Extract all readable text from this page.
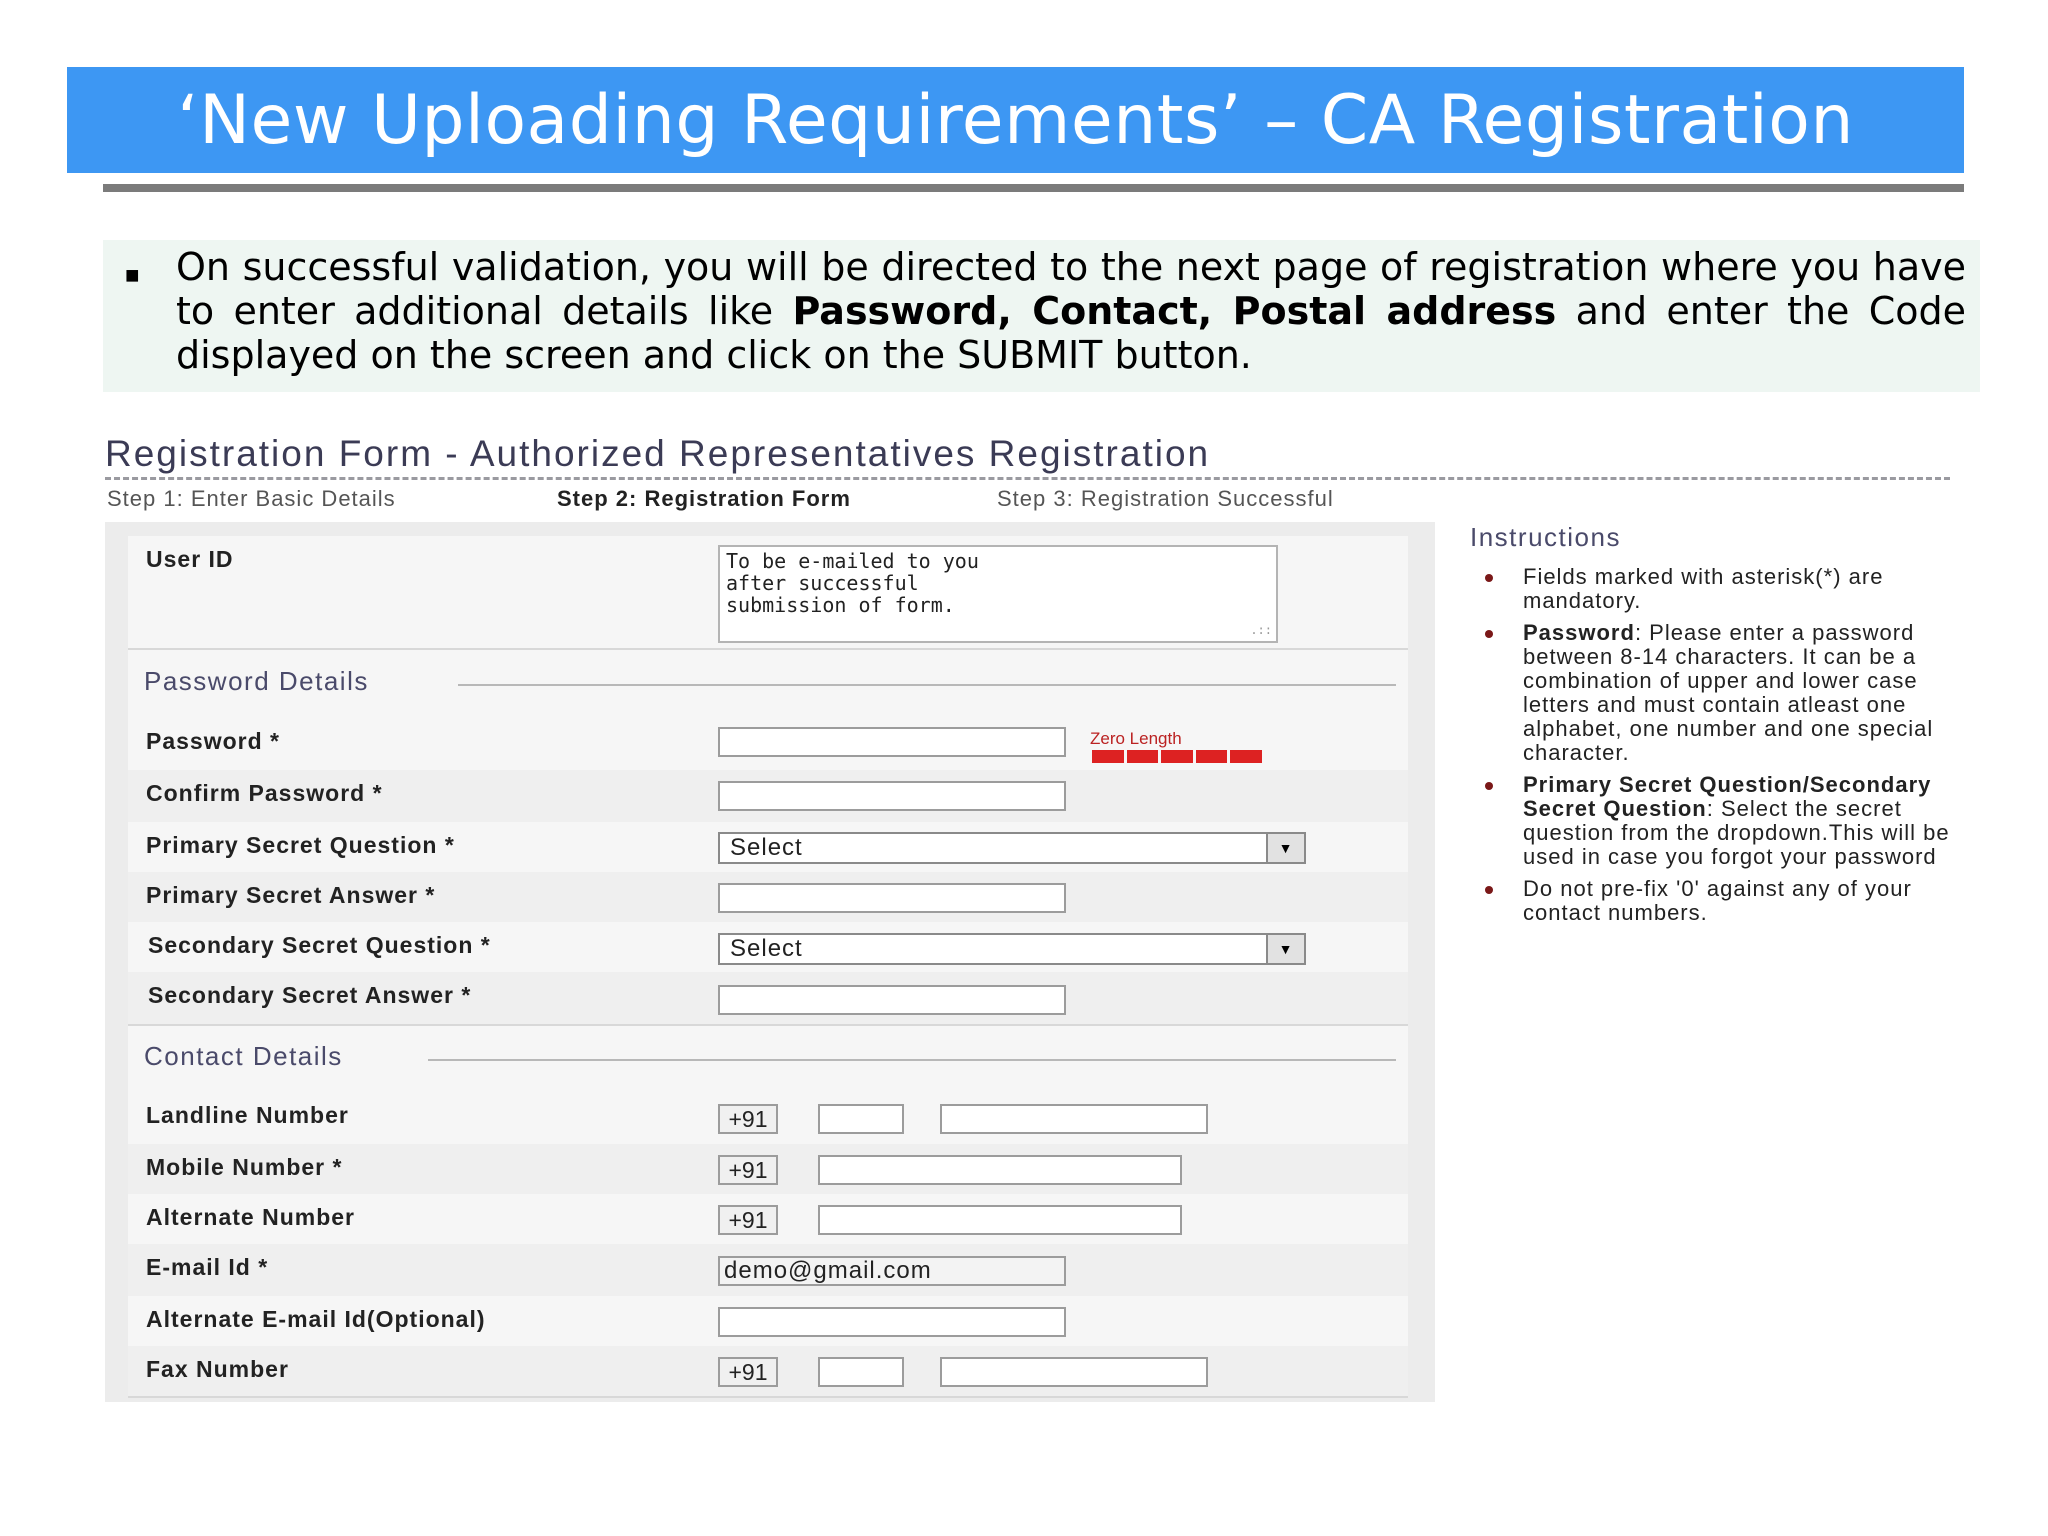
‘New Uploading Requirements’ – CA Registration
■ On successful validation, you will be directed to the next page of registration where you have to enter additional details like Password, Contact, Postal address and enter the Code displayed on the screen and click on the SUBMIT button.
Registration Form - Authorized Representatives Registration
Step 1: Enter Basic Details	Step 2: Registration Form	Step 3: Registration Successful
User ID	To be e-mailed to you
after successful
submission of form.
.::
Password Details
Password *	Zero Length
Confirm Password *
Primary Secret Question *	Select	▼
Primary Secret Answer *
Secondary Secret Question *	Select	▼
Secondary Secret Answer *
Contact Details
Landline Number	+91
Mobile Number *	+91
Alternate Number	+91
E-mail Id *	demo@gmail.com
Alternate E-mail Id(Optional)
Fax Number	+91
Instructions
Fields marked with asterisk(*) are mandatory.
Password: Please enter a password between 8-14 characters. It can be a combination of upper and lower case letters and must contain atleast one alphabet, one number and one special character.
Primary Secret Question/Secondary Secret Question: Select the secret question from the dropdown.This will be used in case you forgot your password
Do not pre-fix '0' against any of your contact numbers.
